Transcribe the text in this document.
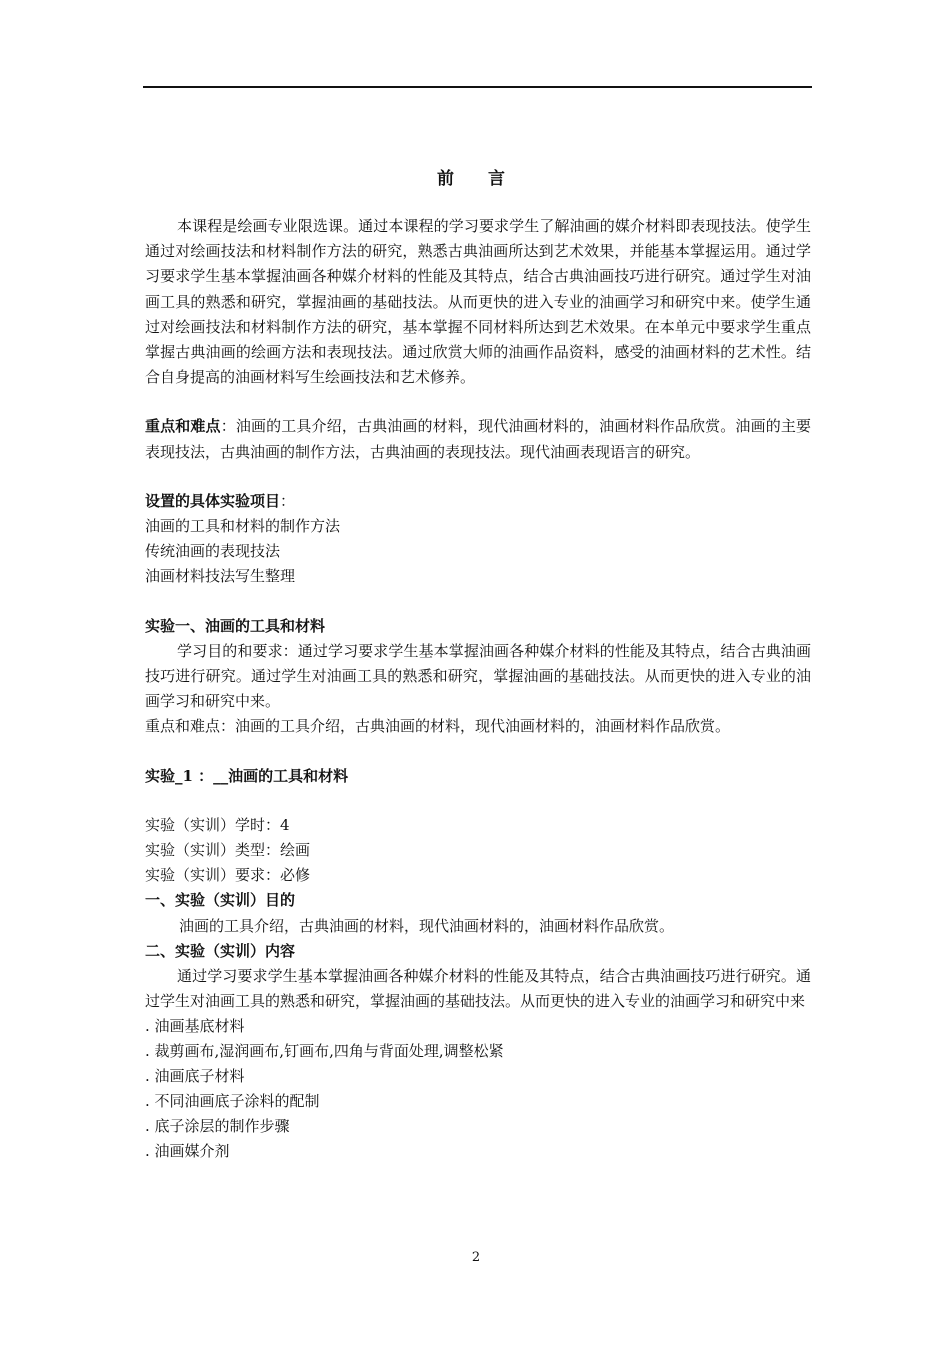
前 言

本课程是绘画专业限选课。通过本课程的学习要求学生了解油画的媒介材料即表现技法。使学生通过对绘画技法和材料制作方法的研究，熟悉古典油画所达到艺术效果，并能基本掌握运用。通过学习要求学生基本掌握油画各种媒介材料的性能及其特点，结合古典油画技巧进行研究。通过学生对油画工具的熟悉和研究，掌握油画的基础技法。从而更快的进入专业的油画学习和研究中来。使学生通过对绘画技法和材料制作方法的研究，基本掌握不同材料所达到艺术效果。在本单元中要求学生重点掌握古典油画的绘画方法和表现技法。通过欣赏大师的油画作品资料，感受的油画材料的艺术性。结合自身提高的油画材料写生绘画技法和艺术修养。

重点和难点：油画的工具介绍，古典油画的材料，现代油画材料的，油画材料作品欣赏。油画的主要表现技法，古典油画的制作方法，古典油画的表现技法。现代油画表现语言的研究。

设置的具体实验项目：

油画的工具和材料的制作方法

传统油画的表现技法

油画材料技法写生整理

实验一、油画的工具和材料

学习目的和要求：通过学习要求学生基本掌握油画各种媒介材料的性能及其特点，结合古典油画技巧进行研究。通过学生对油画工具的熟悉和研究，掌握油画的基础技法。从而更快的进入专业的油画学习和研究中来。

重点和难点：油画的工具介绍，古典油画的材料，现代油画材料的，油画材料作品欣赏。

实验_1 ：__油画的工具和材料

实验（实训）学时：4

实验（实训）类型：绘画

实验（实训）要求：必修

一、实验（实训）目的

油画的工具介绍，古典油画的材料，现代油画材料的，油画材料作品欣赏。

二、实验（实训）内容

通过学习要求学生基本掌握油画各种媒介材料的性能及其特点，结合古典油画技巧进行研究。通过学生对油画工具的熟悉和研究，掌握油画的基础技法。从而更快的进入专业的油画学习和研究中来

. 油画基底材料

. 裁剪画布,湿润画布,钉画布,四角与背面处理,调整松紧

. 油画底子材料

. 不同油画底子涂料的配制

. 底子涂层的制作步骤

. 油画媒介剂

2
